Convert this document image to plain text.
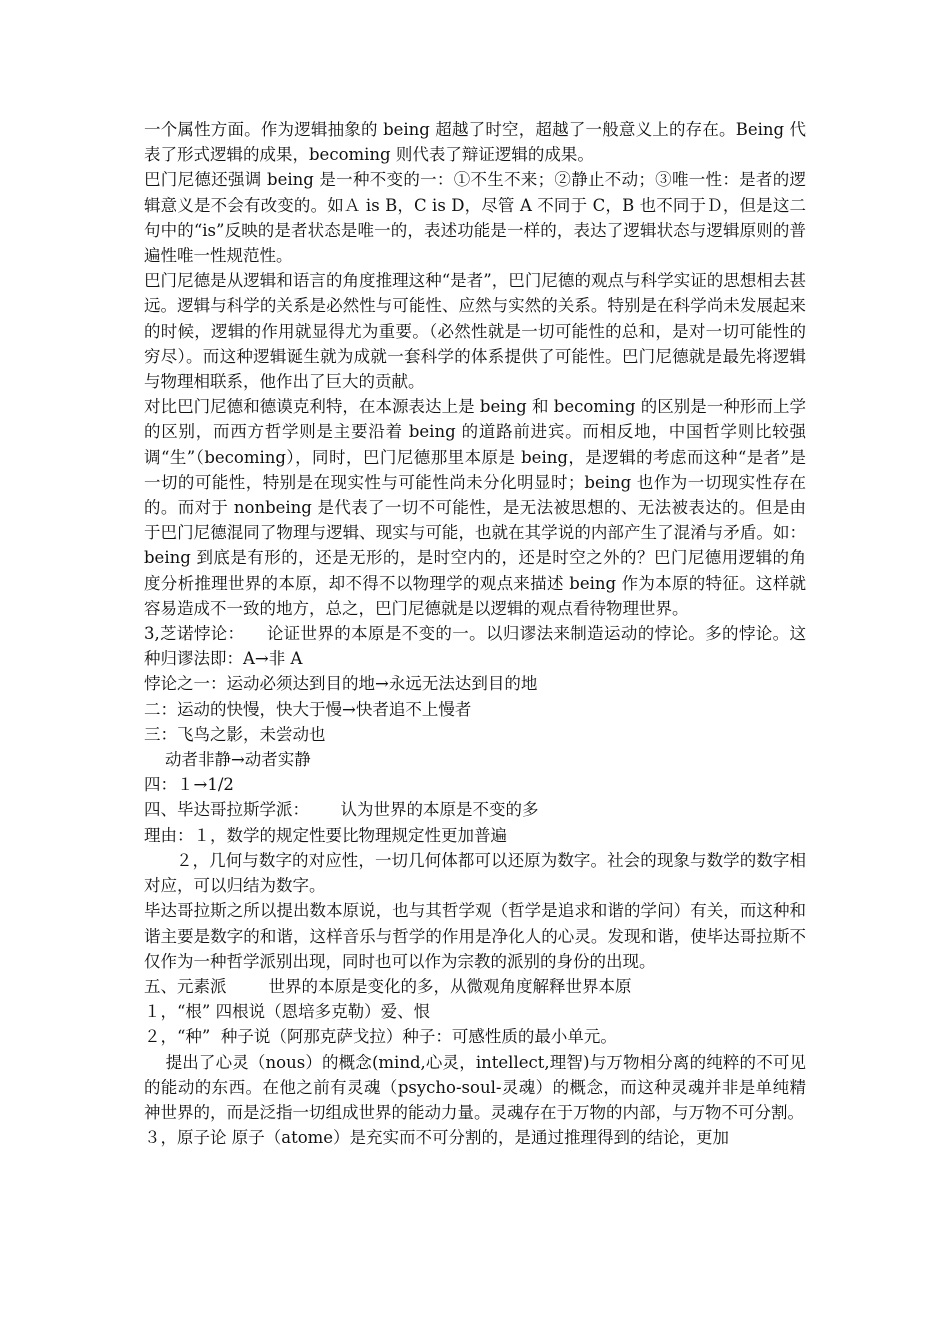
一个属性方面。作为逻辑抽象的 being 超越了时空，超越了一般意义上的存在。Being 代表了形式逻辑的成果，becoming 则代表了辩证逻辑的成果。

巴门尼德还强调 being 是一种不变的一：①不生不来；②静止不动；③唯一性：是者的逻辑意义是不会有改变的。如Ａ is B，C is D，尽管 A 不同于 C，B 也不同于Ｄ，但是这二句中的“is”反映的是者状态是唯一的，表述功能是一样的，表达了逻辑状态与逻辑原则的普遍性唯一性规范性。

巴门尼德是从逻辑和语言的角度推理这种“是者”，巴门尼德的观点与科学实证的思想相去甚远。逻辑与科学的关系是必然性与可能性、应然与实然的关系。特别是在科学尚未发展起来的时候，逻辑的作用就显得尤为重要。（必然性就是一切可能性的总和，是对一切可能性的穷尽）。而这种逻辑诞生就为成就一套科学的体系提供了可能性。巴门尼德就是最先将逻辑与物理相联系，他作出了巨大的贡献。

对比巴门尼德和德谟克利特，在本源表达上是 being 和 becoming 的区别是一种形而上学的区别，而西方哲学则是主要沿着 being 的道路前进宾。而相反地，中国哲学则比较强调“生”（becoming），同时，巴门尼德那里本原是 being，是逻辑的考虑而这种“是者”是一切的可能性，特别是在现实性与可能性尚未分化明显时；being 也作为一切现实性存在的。而对于 nonbeing 是代表了一切不可能性，是无法被思想的、无法被表达的。但是由于巴门尼德混同了物理与逻辑、现实与可能，也就在其学说的内部产生了混淆与矛盾。如：being 到底是有形的，还是无形的，是时空内的，还是时空之外的？巴门尼德用逻辑的角度分析推理世界的本原，却不得不以物理学的观点来描述 being 作为本原的特征。这样就容易造成不一致的地方，总之，巴门尼德就是以逻辑的观点看待物理世界。

3,芝诺悖论：    论证世界的本原是不变的一。以归谬法来制造运动的悖论。多的悖论。这种归谬法即：A→非 A

悖论之一：运动必须达到目的地→永远无法达到目的地

二：运动的快慢，快大于慢→快者追不上慢者

三：飞鸟之影，未尝动也

动者非静→动者实静

四：１→1/2

四、毕达哥拉斯学派：      认为世界的本原是不变的多

理由：１，数学的规定性要比物理规定性更加普遍

２，几何与数字的对应性，一切几何体都可以还原为数字。社会的现象与数学的数字相对应，可以归结为数字。

毕达哥拉斯之所以提出数本原说，也与其哲学观（哲学是追求和谐的学问）有关，而这种和谐主要是数字的和谐，这样音乐与哲学的作用是净化人的心灵。发现和谐，使毕达哥拉斯不仅作为一种哲学派别出现，同时也可以作为宗教的派别的身份的出现。

五、元素派        世界的本原是变化的多，从微观角度解释世界本原

１，“根” 四根说（恩培多克勒）爱、恨

２，“种”  种子说（阿那克萨戈拉）种子：可感性质的最小单元。

提出了心灵（nous）的概念(mind,心灵，intellect,理智)与万物相分离的纯粹的不可见的能动的东西。在他之前有灵魂（psycho-soul-灵魂）的概念，而这种灵魂并非是单纯精神世界的，而是泛指一切组成世界的能动力量。灵魂存在于万物的内部，与万物不可分割。

３，原子论 原子（atome）是充实而不可分割的，是通过推理得到的结论，更加
